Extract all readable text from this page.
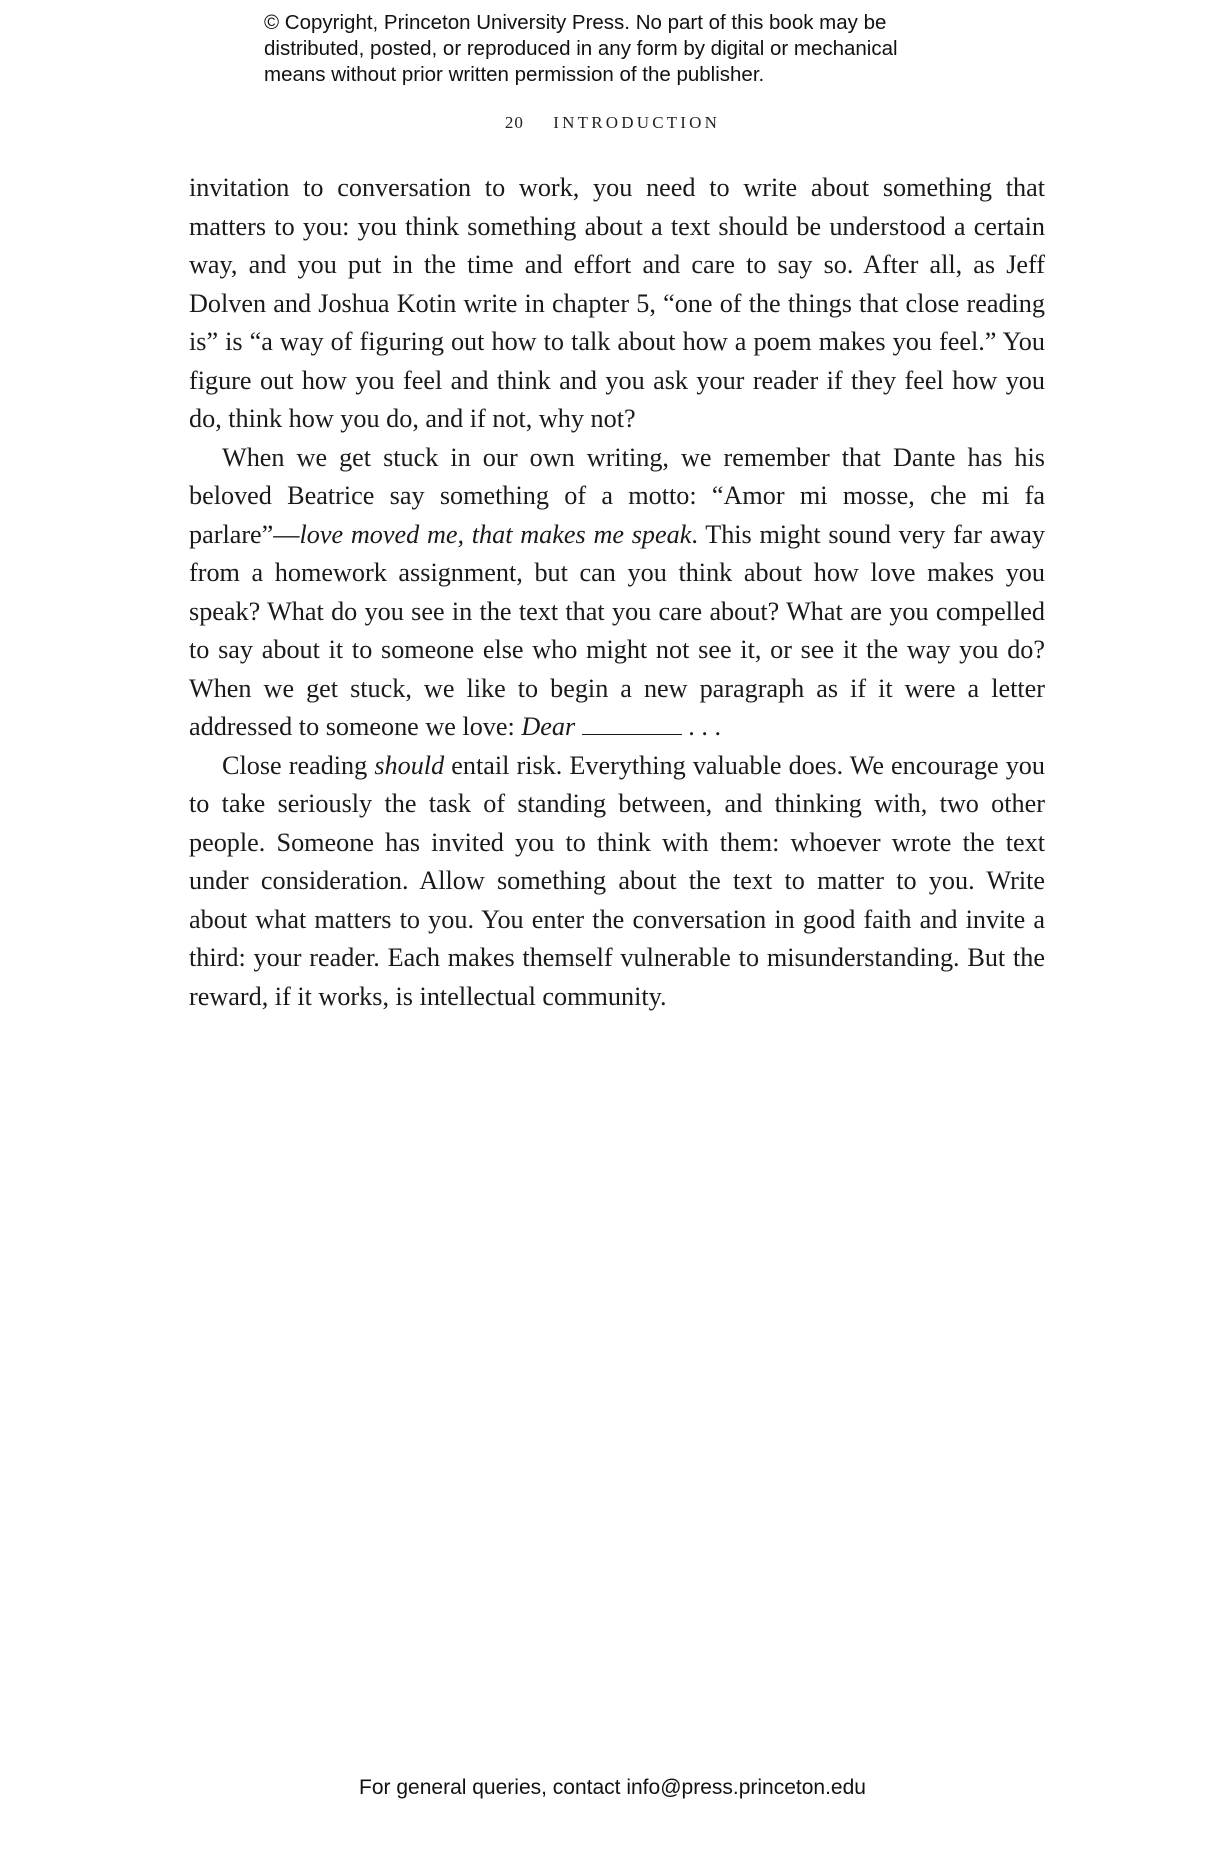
© Copyright, Princeton University Press. No part of this book may be
distributed, posted, or reproduced in any form by digital or mechanical
means without prior written permission of the publisher.
20 INTRODUCTION

invitation to conversation to work, you need to write about something that matters to you: you think something about a text should be understood a certain way, and you put in the time and effort and care to say so. After all, as Jeff Dolven and Joshua Kotin write in chapter 5, “one of the things that close reading is” is “a way of figuring out how to talk about how a poem makes you feel.” You figure out how you feel and think and you ask your reader if they feel how you do, think how you do, and if not, why not?

When we get stuck in our own writing, we remember that Dante has his beloved Beatrice say something of a motto: “Amor mi mosse, che mi fa parlare”—love moved me, that makes me speak. This might sound very far away from a homework assignment, but can you think about how love makes you speak? What do you see in the text that you care about? What are you compelled to say about it to someone else who might not see it, or see it the way you do? When we get stuck, we like to begin a new paragraph as if it were a letter addressed to someone we love: Dear	. . .

Close reading should entail risk. Everything valuable does. We encourage you to take seriously the task of standing between, and thinking with, two other people. Someone has invited you to think with them: whoever wrote the text under consideration. Allow something about the text to matter to you. Write about what matters to you. You enter the conversation in good faith and invite a third: your reader. Each makes themself vulnerable to misunderstanding. But the reward, if it works, is intellectual community.

For general queries, contact info@press.princeton.edu
